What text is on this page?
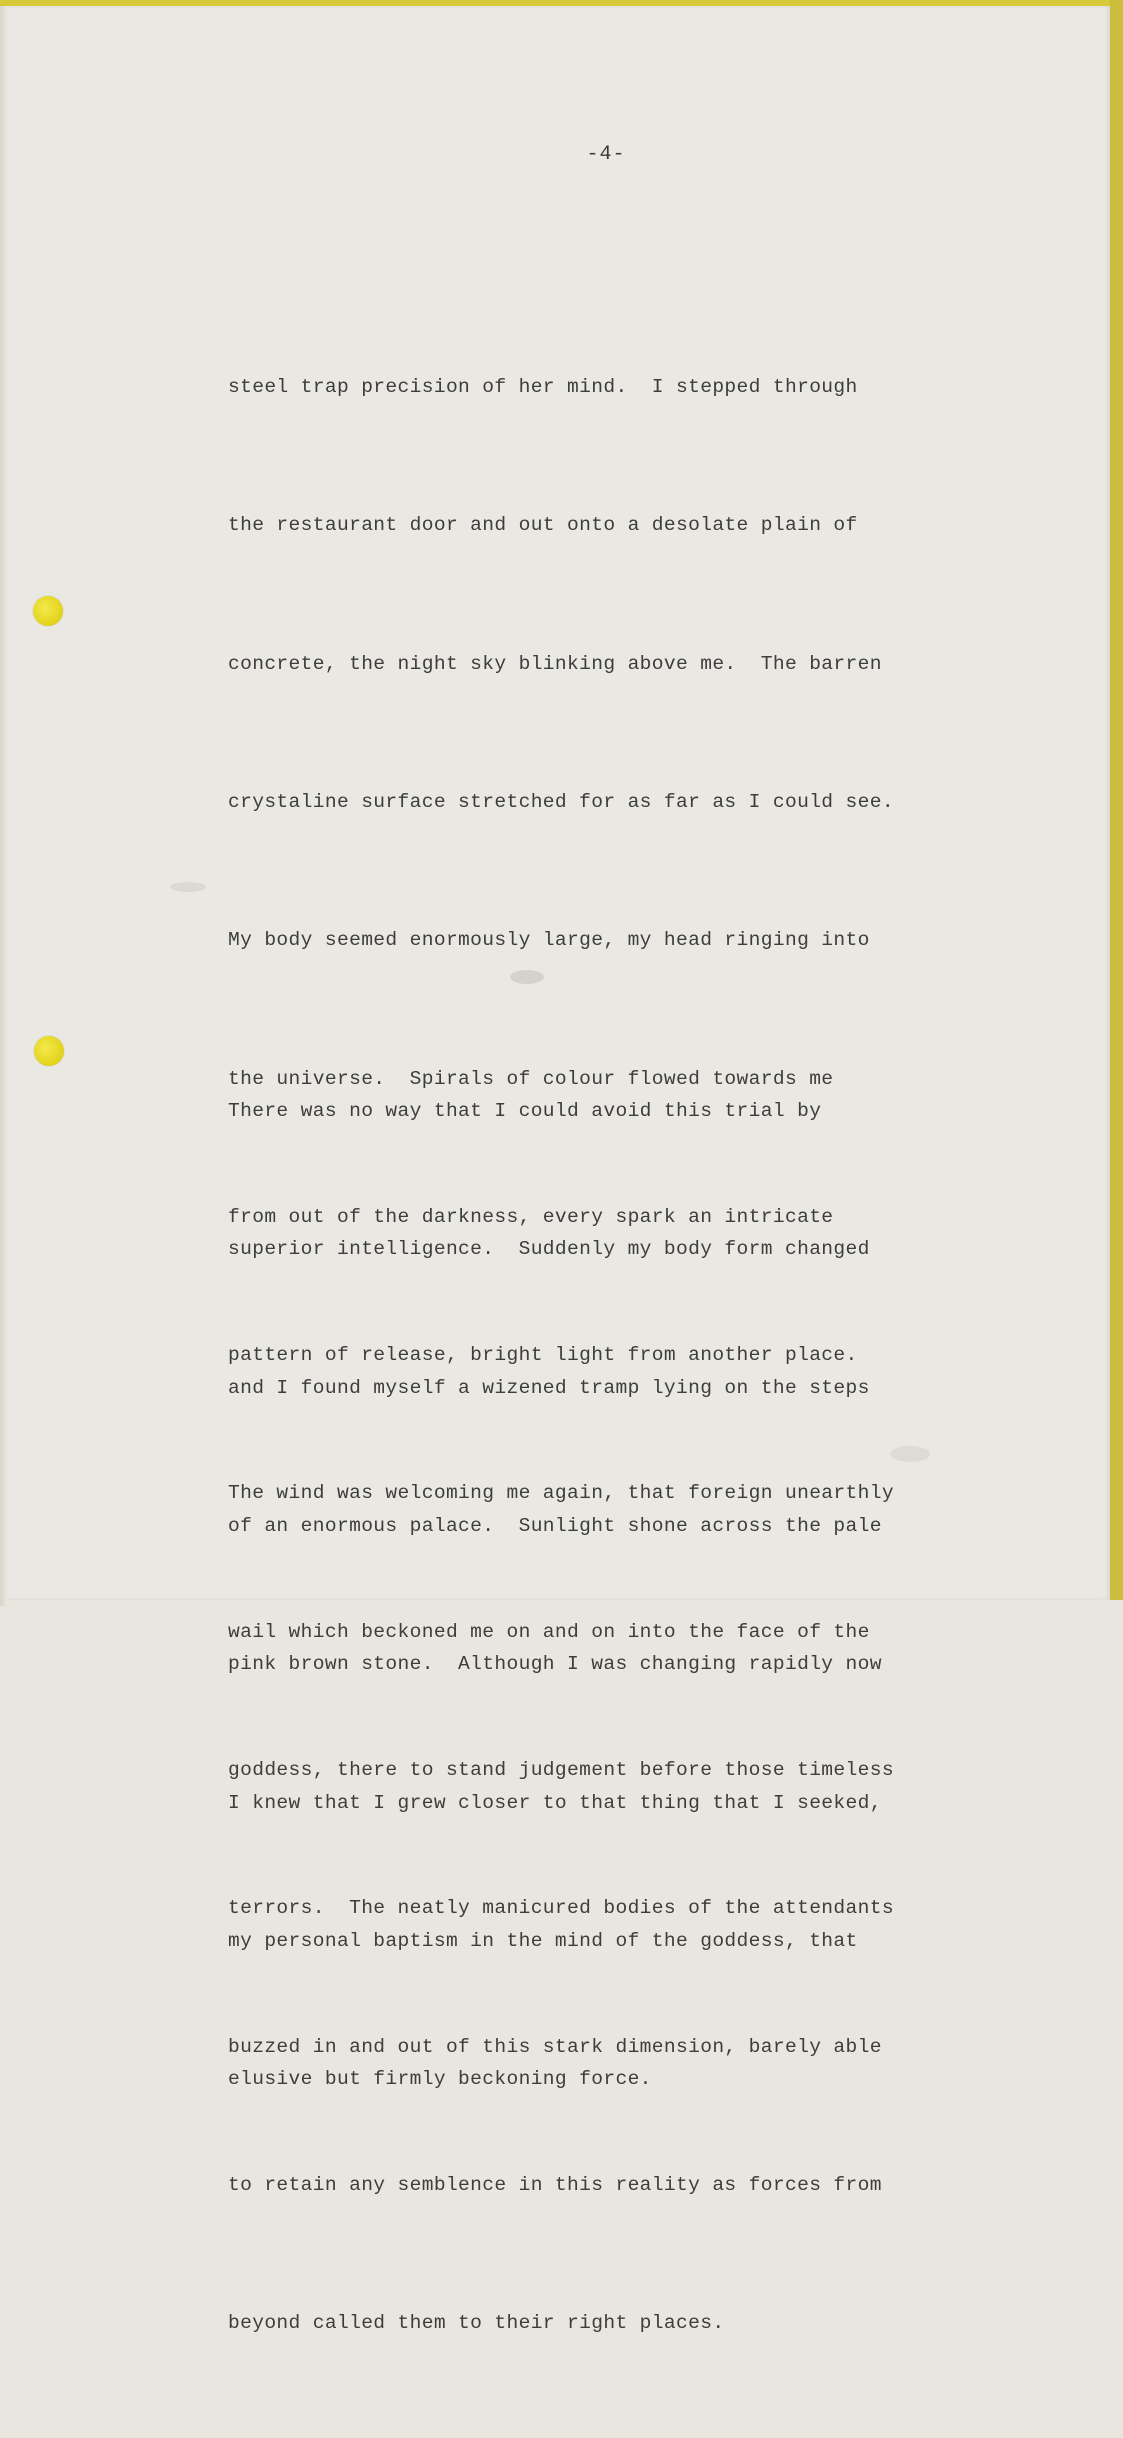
-4-

steel trap precision of her mind.  I stepped through

the restaurant door and out onto a desolate plain of

concrete, the night sky blinking above me.  The barren

crystaline surface stretched for as far as I could see.

My body seemed enormously large, my head ringing into

the universe.  Spirals of colour flowed towards me

from out of the darkness, every spark an intricate

pattern of release, bright light from another place.

The wind was welcoming me again, that foreign unearthly

wail which beckoned me on and on into the face of the

goddess, there to stand judgement before those timeless

terrors.  The neatly manicured bodies of the attendants

buzzed in and out of this stark dimension, barely able

to retain any semblence in this reality as forces from

beyond called them to their right places.

There was no way that I could avoid this trial by

superior intelligence.  Suddenly my body form changed

and I found myself a wizened tramp lying on the steps

of an enormous palace.  Sunlight shone across the pale

pink brown stone.  Although I was changing rapidly now

I knew that I grew closer to that thing that I seeked,

my personal baptism in the mind of the goddess, that

elusive but firmly beckoning force.
